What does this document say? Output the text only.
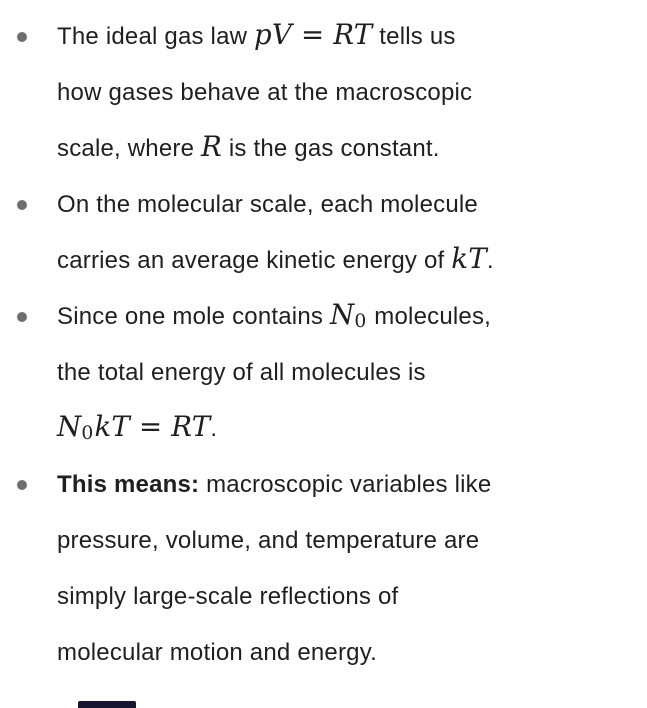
The ideal gas law pV = RT tells us
how gases behave at the macroscopic
scale, where R is the gas constant.
On the molecular scale, each molecule
carries an average kinetic energy of kT.
Since one mole contains N0 molecules,
the total energy of all molecules is
N0kT = RT.
This means: macroscopic variables like
pressure, volume, and temperature are
simply large-scale reflections of
molecular motion and energy.
